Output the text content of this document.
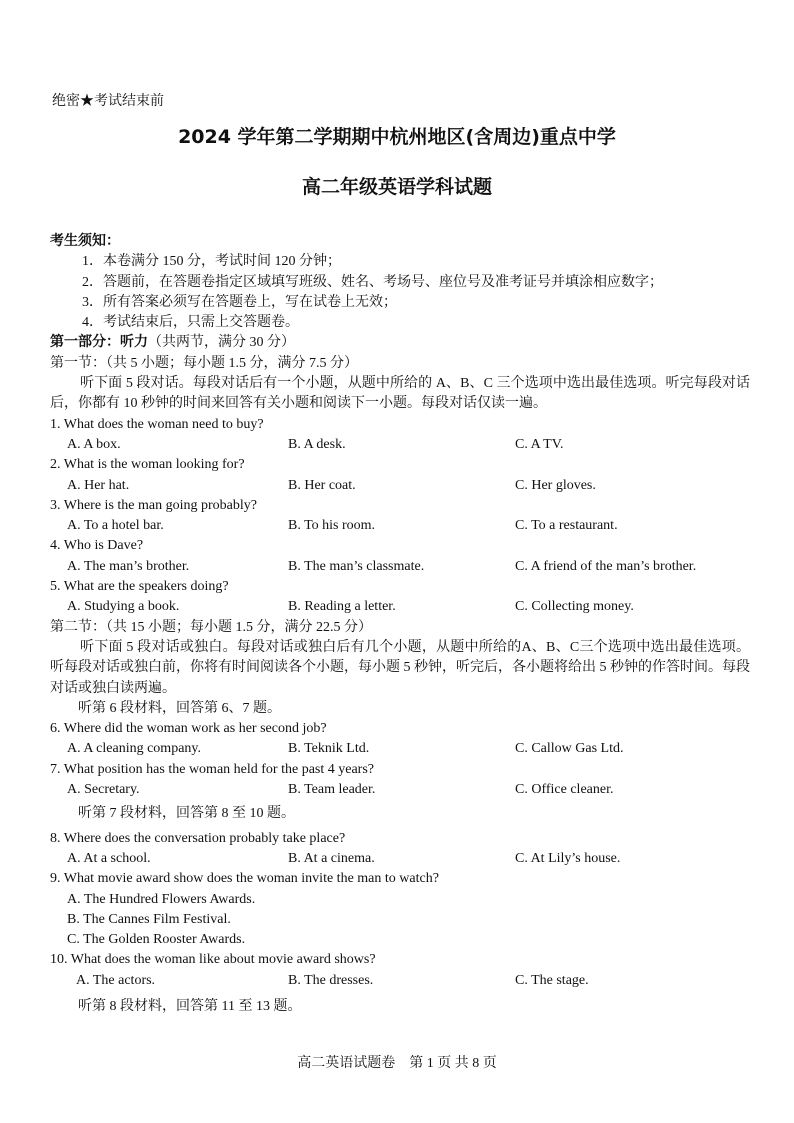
绝密★考试结束前
2024 学年第二学期期中杭州地区(含周边)重点中学
高二年级英语学科试题
考生须知：
1．本卷满分 150 分，考试时间 120 分钟；
2．答题前，在答题卷指定区域填写班级、姓名、考场号、座位号及准考证号并填涂相应数字；
3．所有答案必须写在答题卷上，写在试卷上无效；
4．考试结束后，只需上交答题卷。
第一部分：听力（共两节，满分 30 分）
第一节：（共 5 小题；每小题 1.5 分，满分 7.5 分）
听下面 5 段对话。每段对话后有一个小题，从题中所给的 A、B、C 三个选项中选出最佳选项。听完每段对话后，你都有 10 秒钟的时间来回答有关小题和阅读下一小题。每段对话仅读一遍。
1. What does the woman need to buy?
A. A box.	B. A desk.	C. A TV.
2. What is the woman looking for?
A. Her hat.	B. Her coat.	C. Her gloves.
3. Where is the man going probably?
A. To a hotel bar.	B. To his room.	C. To a restaurant.
4. Who is Dave?
A. The man’s brother.	B. The man’s classmate.	C. A friend of the man’s brother.
5. What are the speakers doing?
A. Studying a book.	B. Reading a letter.	C. Collecting money.
第二节：（共 15 小题；每小题 1.5 分，满分 22.5 分）
听下面 5 段对话或独白。每段对话或独白后有几个小题，从题中所给的A、B、C三个选项中选出最佳选项。听每段对话或独白前，你将有时间阅读各个小题，每小题 5 秒钟，听完后，各小题将给出 5 秒钟的作答时间。每段对话或独白读两遍。
听第 6 段材料，回答第 6、7 题。
6. Where did the woman work as her second job?
A. A cleaning company.	B. Teknik Ltd.	C. Callow Gas Ltd.
7. What position has the woman held for the past 4 years?
A. Secretary.	B. Team leader.	C. Office cleaner.
听第 7 段材料，回答第 8 至 10 题。
8. Where does the conversation probably take place?
A. At a school.	B. At a cinema.	C. At Lily’s house.
9. What movie award show does the woman invite the man to watch?
A. The Hundred Flowers Awards.
B. The Cannes Film Festival.
C. The Golden Rooster Awards.
10. What does the woman like about movie award shows?
A. The actors.	B. The dresses.	C. The stage.
听第 8 段材料，回答第 11 至 13 题。
高二英语试题卷　第 1 页 共 8 页
